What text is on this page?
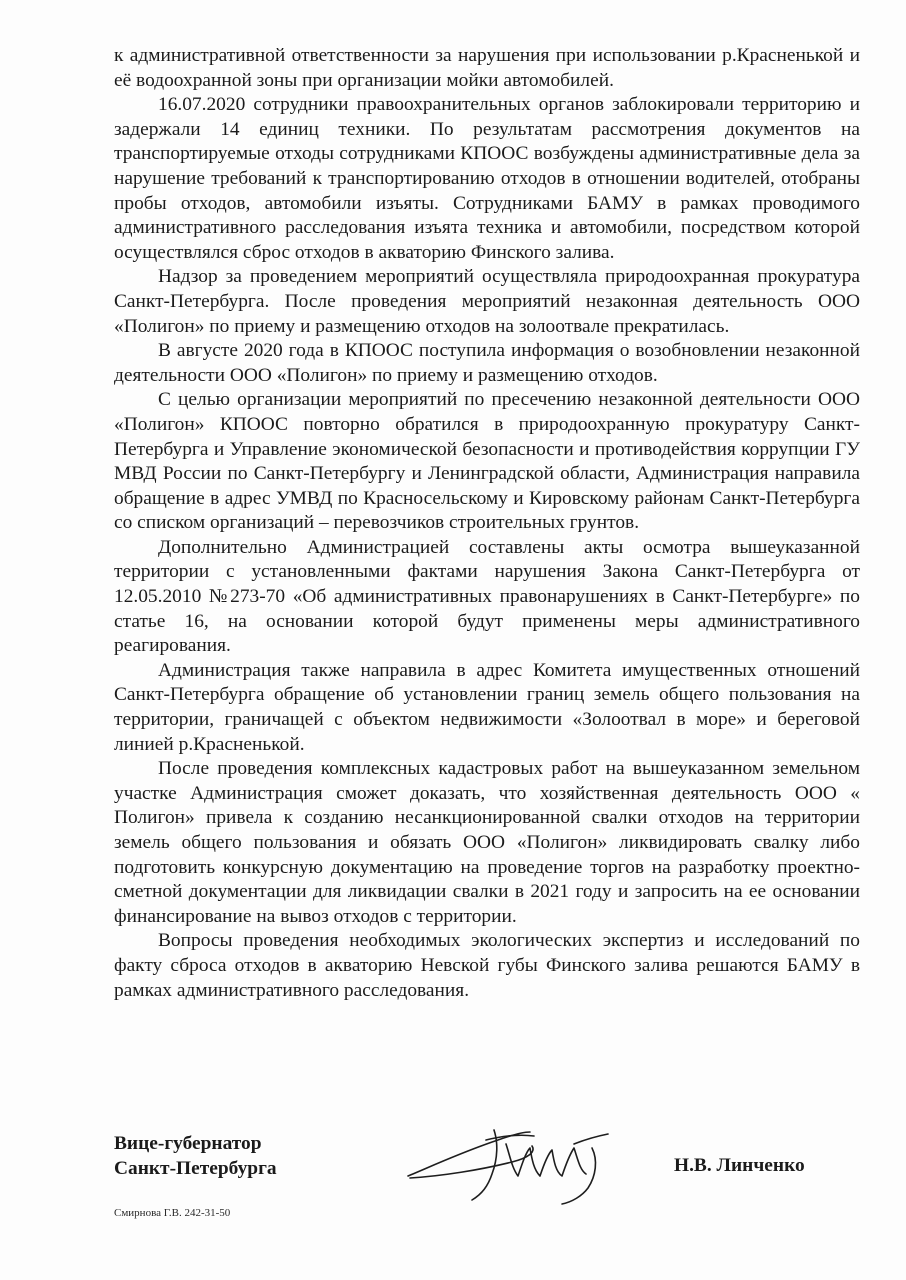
к административной ответственности за нарушения при использовании р.Красненькой и её водоохранной зоны при организации мойки автомобилей.

16.07.2020 сотрудники правоохранительных органов заблокировали территорию и задержали 14 единиц техники. По результатам рассмотрения документов на транспортируемые отходы сотрудниками КПООС возбуждены административные дела за нарушение требований к транспортированию отходов в отношении водителей, отобраны пробы отходов, автомобили изъяты. Сотрудниками БАМУ в рамках проводимого административного расследования изъята техника и автомобили, посредством которой осуществлялся сброс отходов в акваторию Финского залива.

Надзор за проведением мероприятий осуществляла природоохранная прокуратура Санкт-Петербурга. После проведения мероприятий незаконная деятельность ООО «Полигон» по приему и размещению отходов на золоотвале прекратилась.

В августе 2020 года в КПООС поступила информация о возобновлении незаконной деятельности ООО «Полигон» по приему и размещению отходов.

С целью организации мероприятий по пресечению незаконной деятельности ООО «Полигон» КПООС повторно обратился в природоохранную прокуратуру Санкт-Петербурга и Управление экономической безопасности и противодействия коррупции ГУ МВД России по Санкт-Петербургу и Ленинградской области, Администрация направила обращение в адрес УМВД по Красносельскому и Кировскому районам Санкт-Петербурга со списком организаций – перевозчиков строительных грунтов.

Дополнительно Администрацией составлены акты осмотра вышеуказанной территории с установленными фактами нарушения Закона Санкт-Петербурга от 12.05.2010 №273-70 «Об административных правонарушениях в Санкт-Петербурге» по статье 16, на основании которой будут применены меры административного реагирования.

Администрация также направила в адрес Комитета имущественных отношений Санкт-Петербурга обращение об установлении границ земель общего пользования на территории, граничащей с объектом недвижимости «Золоотвал в море» и береговой линией р.Красненькой.

После проведения комплексных кадастровых работ на вышеуказанном земельном участке Администрация сможет доказать, что хозяйственная деятельность ООО « Полигон» привела к созданию несанкционированной свалки отходов на территории земель общего пользования и обязать ООО «Полигон» ликвидировать свалку либо подготовить конкурсную документацию на проведение торгов на разработку проектно-сметной документации для ликвидации свалки в 2021 году и запросить на ее основании финансирование на вывоз отходов с территории.

Вопросы проведения необходимых экологических экспертиз и исследований по факту сброса отходов в акваторию Невской губы Финского залива решаются БАМУ в рамках административного расследования.

Вице-губернатор
Санкт-Петербурга	Н.В. Линченко
Смирнова Г.В. 242-31-50
